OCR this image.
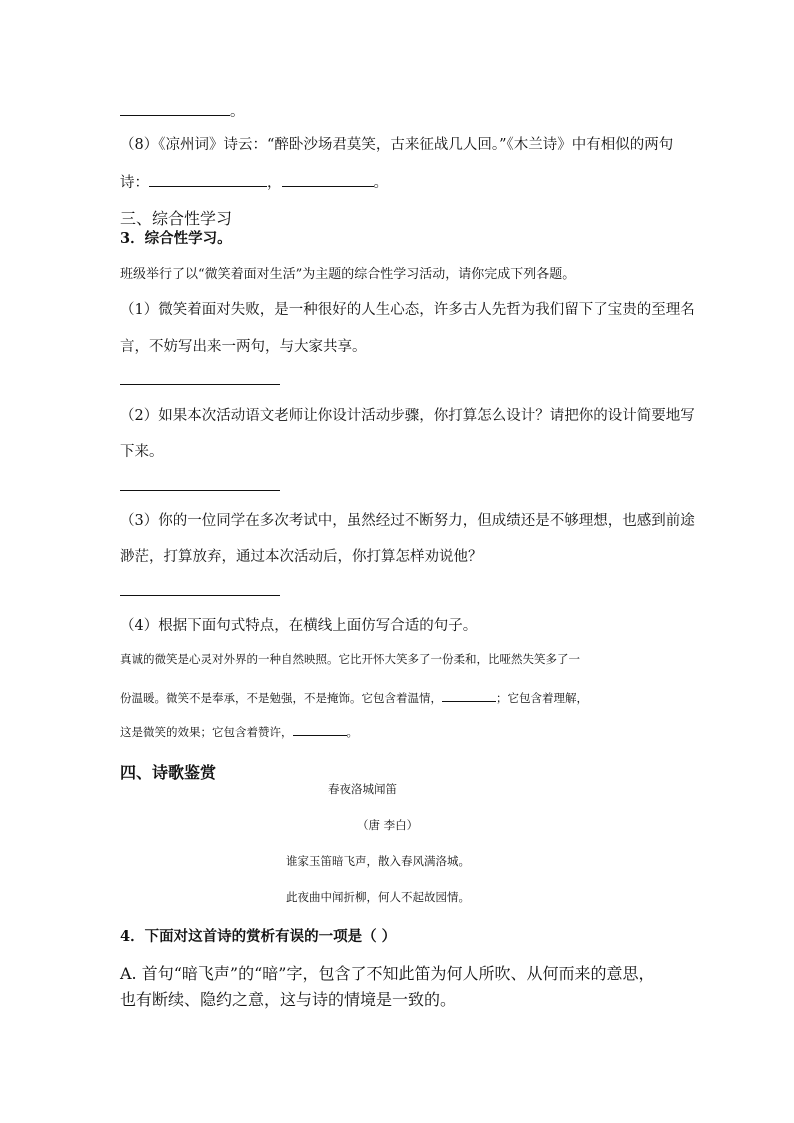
。
（8）《凉州词》诗云：“醉卧沙场君莫笑，古来征战几人回。”《木兰诗》中有相似的两句
诗：	，	。
三、综合性学习
3．综合性学习。
班级举行了以“微笑着面对生活”为主题的综合性学习活动，请你完成下列各题。
（1）微笑着面对失败，是一种很好的人生心态，许多古人先哲为我们留下了宝贵的至理名
言，不妨写出来一两句，与大家共享。
（2）如果本次活动语文老师让你设计活动步骤，你打算怎么设计？请把你的设计简要地写
下来。
（3）你的一位同学在多次考试中，虽然经过不断努力，但成绩还是不够理想，也感到前途
渺茫，打算放弃，通过本次活动后，你打算怎样劝说他？
（4）根据下面句式特点，在横线上面仿写合适的句子。
真诚的微笑是心灵对外界的一种自然映照。它比开怀大笑多了一份柔和，比哑然失笑多了一
份温暖。微笑不是奉承，不是勉强，不是掩饰。它包含着温情，	；它包含着理解，
这是微笑的效果；它包含着赞许，	。
四、诗歌鉴赏
春夜洛城闻笛
（唐 李白）
谁家玉笛暗飞声，散入春风满洛城。
此夜曲中闻折柳，何人不起故园情。
4．下面对这首诗的赏析有误的一项是（ ）
A. 首句“暗飞声”的“暗”字，包含了不知此笛为何人所吹、从何而来的意思，
也有断续、隐约之意，这与诗的情境是一致的。
